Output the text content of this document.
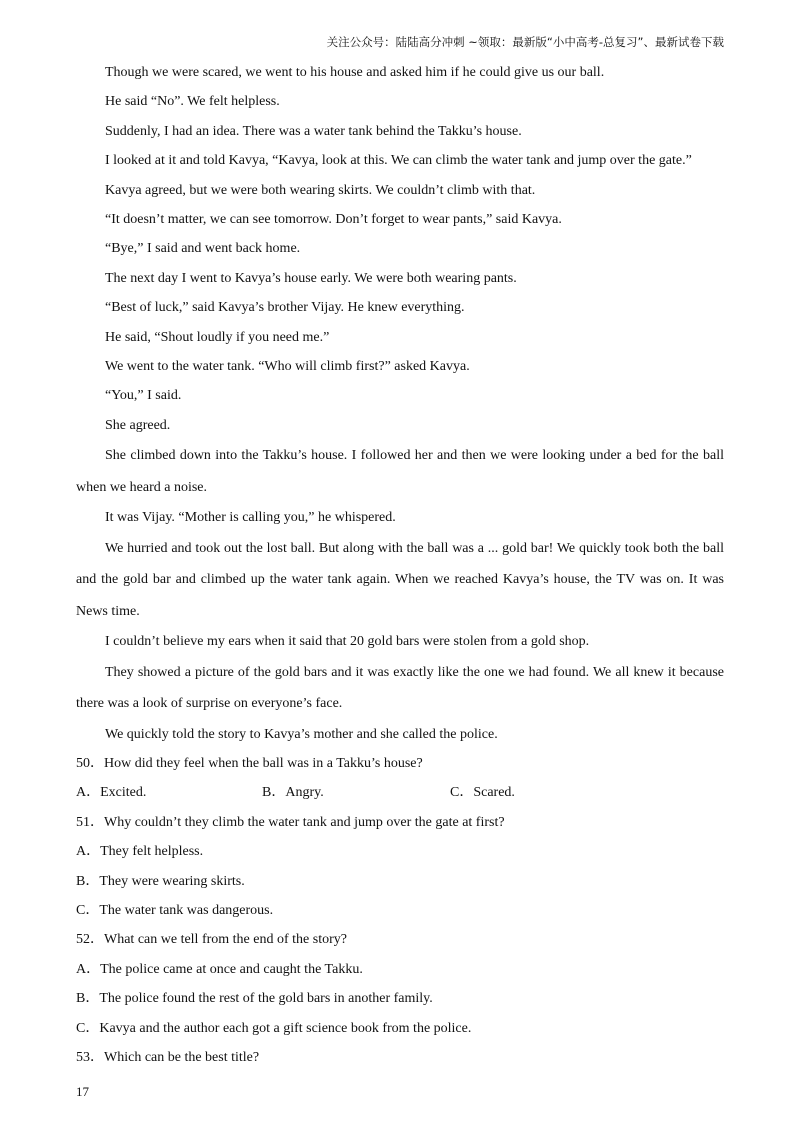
关注公众号：陆陆高分冲刺 ~领取：最新版“小中高考-总复习”、最新试卷下载

Though we were scared, we went to his house and asked him if he could give us our ball.

He said “No”. We felt helpless.

Suddenly, I had an idea. There was a water tank behind the Takku’s house.

I looked at it and told Kavya, “Kavya, look at this. We can climb the water tank and jump over the gate.”

Kavya agreed, but we were both wearing skirts. We couldn’t climb with that.

“It doesn’t matter, we can see tomorrow. Don’t forget to wear pants,” said Kavya.

“Bye,” I said and went back home.

The next day I went to Kavya’s house early. We were both wearing pants.

“Best of luck,” said Kavya’s brother Vijay. He knew everything.

He said, “Shout loudly if you need me.”

We went to the water tank. “Who will climb first?” asked Kavya.

“You,” I said.

She agreed.

She climbed down into the Takku’s house. I followed her and then we were looking under a bed for the ball when we heard a noise.

It was Vijay. “Mother is calling you,” he whispered.

We hurried and took out the lost ball. But along with the ball was a ... gold bar! We quickly took both the ball and the gold bar and climbed up the water tank again. When we reached Kavya’s house, the TV was on. It was News time.

I couldn’t believe my ears when it said that 20 gold bars were stolen from a gold shop.

They showed a picture of the gold bars and it was exactly like the one we had found. We all knew it because there was a look of surprise on everyone’s face.

We quickly told the story to Kavya’s mother and she called the police.

50．How did they feel when the ball was in a Takku’s house?

A．Excited.	B．Angry.	C．Scared.

51．Why couldn’t they climb the water tank and jump over the gate at first?

A．They felt helpless.

B．They were wearing skirts.

C．The water tank was dangerous.

52．What can we tell from the end of the story?

A．The police came at once and caught the Takku.

B．The police found the rest of the gold bars in another family.

C．Kavya and the author each got a gift science book from the police.

53．Which can be the best title?

17
